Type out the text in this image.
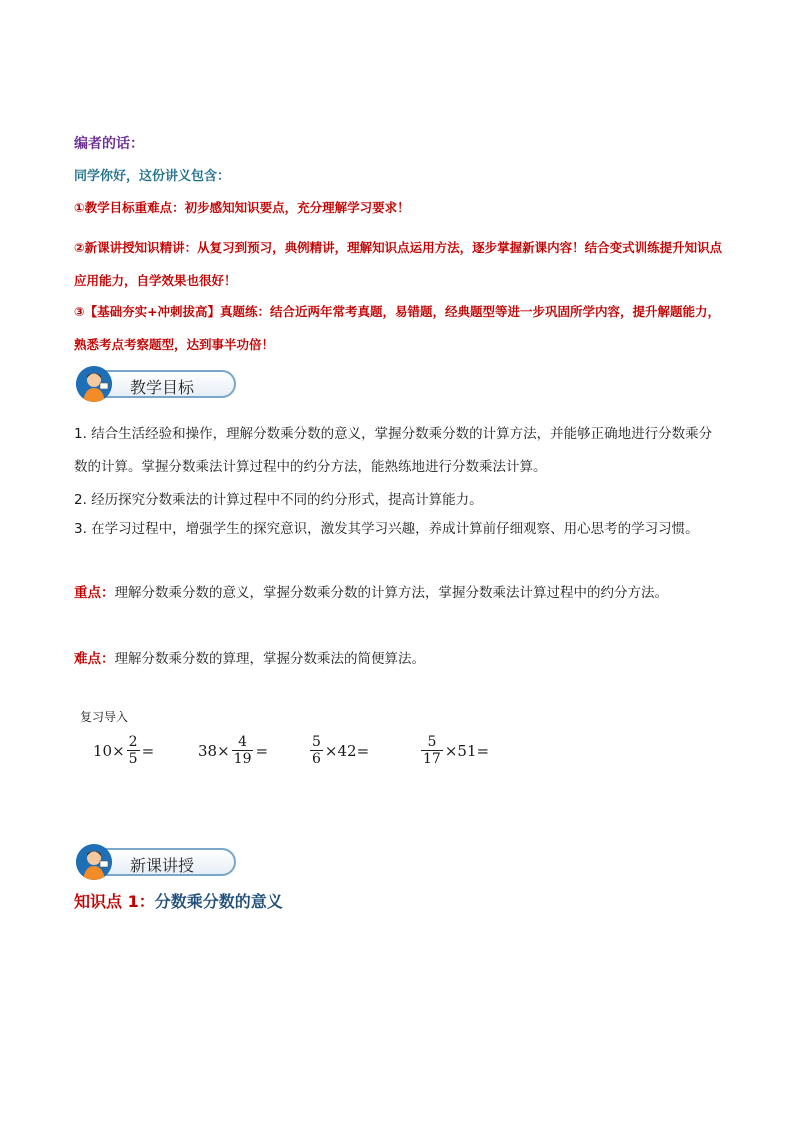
编者的话：
同学你好，这份讲义包含：
①教学目标重难点：初步感知知识要点，充分理解学习要求！
②新课讲授知识精讲：从复习到预习，典例精讲，理解知识点运用方法，逐步掌握新课内容！结合变式训练提升知识点应用能力，自学效果也很好！
③【基础夯实+冲刺拔高】真题练：结合近两年常考真题，易错题，经典题型等进一步巩固所学内容，提升解题能力，熟悉考点考察题型，达到事半功倍！
教学目标
1. 结合生活经验和操作，理解分数乘分数的意义，掌握分数乘分数的计算方法，并能够正确地进行分数乘分数的计算。掌握分数乘法计算过程中的约分方法，能熟练地进行分数乘法计算。
2. 经历探究分数乘法的计算过程中不同的约分形式，提高计算能力。
3. 在学习过程中，增强学生的探究意识，激发其学习兴趣，养成计算前仔细观察、用心思考的学习习惯。
重点：理解分数乘分数的意义，掌握分数乘分数的计算方法，掌握分数乘法计算过程中的约分方法。
难点：理解分数乘分数的算理，掌握分数乘法的简便算法。
复习导入
$10\times \frac{2}{5}$ =	$38\times \frac{4}{19}$ =	$\frac{5}{6} \times 42=$	$\frac{5}{17} \times 51=$
新课讲授
知识点 1：分数乘分数的意义
